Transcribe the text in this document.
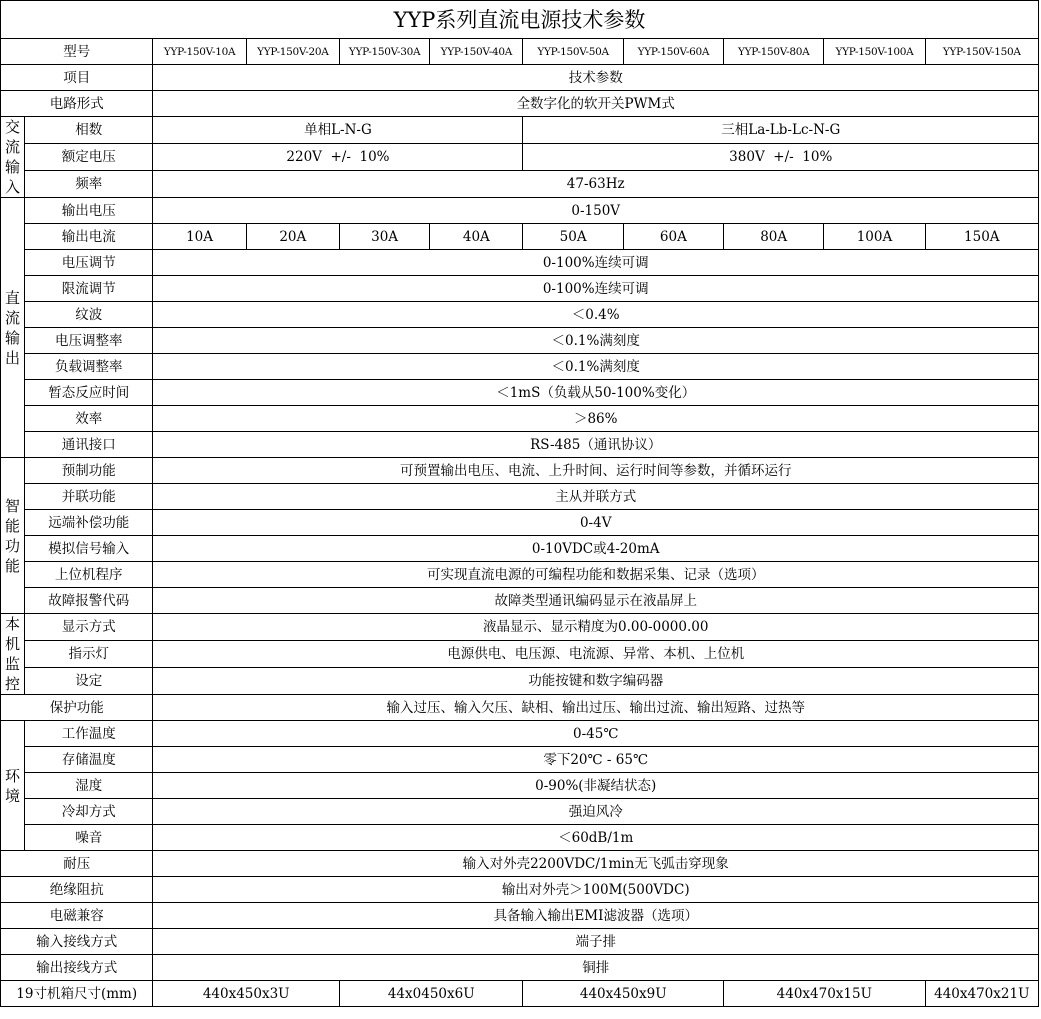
YYP系列直流电源技术参数										
型号		YYP-150V-10A	YYP-150V-20A	YYP-150V-30A	YYP-150V-40A	YYP-150V-50A	YYP-150V-60A	YYP-150V-80A	YYP-150V-100A	YYP-150V-150A
项目		技术参数								
电路形式		全数字化的软开关PWM式								

交
流
输
入	相数	单相L-N-G				三相La-Lb-Lc-N-G				
	额定电压	220V  +/-  10%				380V  +/-  10%				
	频率	47-63Hz								

直
流
输
出	输出电压	0-150V								
	输出电流	10A	20A	30A	40A	50A	60A	80A	100A	150A
	电压调节	0-100%连续可调								
	限流调节	0-100%连续可调								
	纹波	＜0.4%								
	电压调整率	＜0.1%满刻度								
	负载调整率	＜0.1%满刻度								
	暂态反应时间	＜1mS（负载从50-100%变化）								
	效率	＞86%								
	通讯接口	RS-485（通讯协议）								

智
能
功
能	预制功能	可预置输出电压、电流、上升时间、运行时间等参数，并循环运行								
	并联功能	主从并联方式								
	远端补偿功能	0-4V								
	模拟信号输入	0-10VDC或4-20mA								
	上位机程序	可实现直流电源的可编程功能和数据采集、记录（选项）								
	故障报警代码	故障类型通讯编码显示在液晶屏上								

本
机
监
控	显示方式	液晶显示、显示精度为0.00-0000.00								
	指示灯	电源供电、电压源、电流源、异常、本机、上位机								
	设定	功能按键和数字编码器								
保护功能		输入过压、输入欠压、缺相、输出过压、输出过流、输出短路、过热等								

环
境	工作温度	0-45℃								
	存储温度	零下20℃ - 65℃								
	湿度	0-90%(非凝结状态)								
	冷却方式	强迫风冷								
	噪音	＜60dB/1m								
耐压		输入对外壳2200VDC/1min无飞弧击穿现象								
绝缘阻抗		输出对外壳＞100M(500VDC)								
电磁兼容		具备输入输出EMI滤波器（选项）								
输入接线方式		端子排								
输出接线方式		铜排								
19寸机箱尺寸(mm)		440x450x3U		44x0450x6U		440x450x9U		440x470x15U		440x470x21U
